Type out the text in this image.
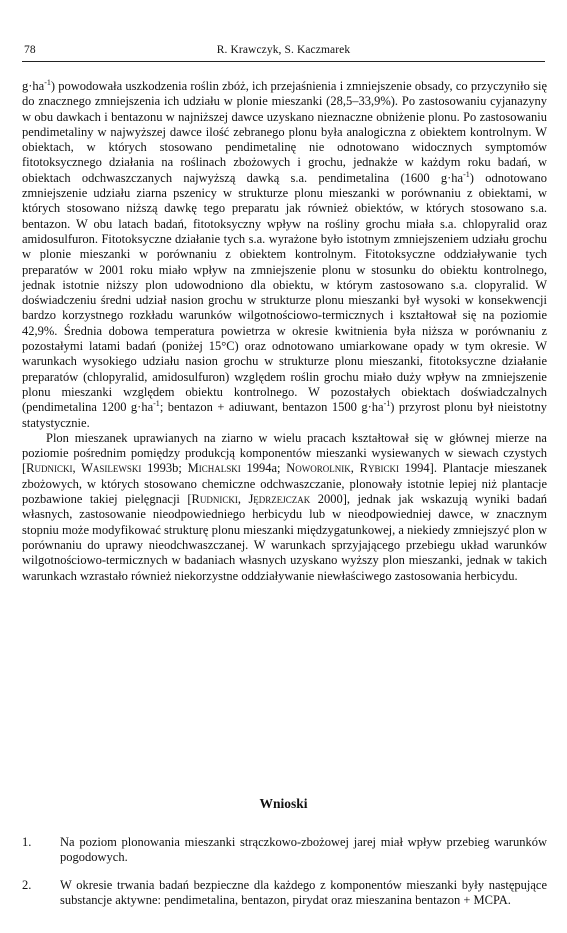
78	R. Krawczyk, S. Kaczmarek

$g\cdot ha^{-1}$) powodowała uszkodzenia roślin zbóż, ich przejaśnienia i zmniejszenie obsady, co przyczyniło się do znacznego zmniejszenia ich udziału w plonie mieszanki (28,5–33,9%). Po zastosowaniu cyjanazyny w obu dawkach i bentazonu w najniższej dawce uzyskano nieznaczne obniżenie plonu. Po zastosowaniu pendimetaliny w najwyższej dawce ilość zebranego plonu była analogiczna z obiektem kontrolnym. W obiektach, w których stosowano pendimetalinę nie odnotowano widocznych symptomów fitotoksycznego działania na roślinach zbożowych i grochu, jednakże w każdym roku badań, w obiektach odchwaszczanych najwyższą dawką s.a. pendimetalina (1600 $g\cdot ha^{-1}$) odnotowano zmniejszenie udziału ziarna pszenicy w strukturze plonu mieszanki w porównaniu z obiektami, w których stosowano niższą dawkę tego preparatu jak również obiektów, w których stosowano s.a. bentazon. W obu latach badań, fitotoksyczny wpływ na rośliny grochu miała s.a. chlopyralid oraz amidosulfuron. Fitotoksyczne działanie tych s.a. wyrażone było istotnym zmniejszeniem udziału grochu w plonie mieszanki w porównaniu z obiektem kontrolnym. Fitotoksyczne oddziaływanie tych preparatów w 2001 roku miało wpływ na zmniejszenie plonu w stosunku do obiektu kontrolnego, jednak istotnie niższy plon udowodniono dla obiektu, w którym zastosowano s.a. clopyralid. W doświadczeniu średni udział nasion grochu w strukturze plonu mieszanki był wysoki w konsekwencji bardzo korzystnego rozkładu warunków wilgotnościowo-termicznych i kształtował się na poziomie 42,9%. Średnia dobowa temperatura powietrza w okresie kwitnienia była niższa w porównaniu z pozostałymi latami badań (poniżej 15°C) oraz odnotowano umiarkowane opady w tym okresie. W warunkach wysokiego udziału nasion grochu w strukturze plonu mieszanki, fitotoksyczne działanie preparatów (chlopyralid, amidosulfuron) względem roślin grochu miało duży wpływ na zmniejszenie plonu mieszanki względem obiektu kontrolnego. W pozostałych obiektach doświadczalnych (pendimetalina 1200 $g\cdot ha^{-1}$; bentazon + adiuwant, bentazon 1500 $g\cdot ha^{-1}$) przyrost plonu był nieistotny statystycznie.

Plon mieszanek uprawianych na ziarno w wielu pracach kształtował się w głównej mierze na poziomie pośrednim pomiędzy produkcją komponentów mieszanki wysiewanych w siewach czystych [Rudnicki, Wasilewski 1993b; Michalski 1994a; Noworolnik, Rybicki 1994]. Plantacje mieszanek zbożowych, w których stosowano chemiczne odchwaszczanie, plonowały istotnie lepiej niż plantacje pozbawione takiej pielęgnacji [Rudnicki, Jędrzejczak 2000], jednak jak wskazują wyniki badań własnych, zastosowanie nieodpowiedniego herbicydu lub w nieodpowiedniej dawce, w znacznym stopniu może modyfikować strukturę plonu mieszanki międzygatunkowej, a niekiedy zmniejszyć plon w porównaniu do uprawy nieodchwaszczanej. W warunkach sprzyjającego przebiegu układ warunków wilgotnościowo-termicznych w badaniach własnych uzyskano wyższy plon mieszanki, jednak w takich warunkach wzrastało również niekorzystne oddziaływanie niewłaściwego zastosowania herbicydu.

Wnioski
1. Na poziom plonowania mieszanki strączkowo-zbożowej jarej miał wpływ przebieg warunków pogodowych.
2. W okresie trwania badań bezpieczne dla każdego z komponentów mieszanki były następujące substancje aktywne: pendimetalina, bentazon, pirydat oraz mieszanina bentazon + MCPA.
